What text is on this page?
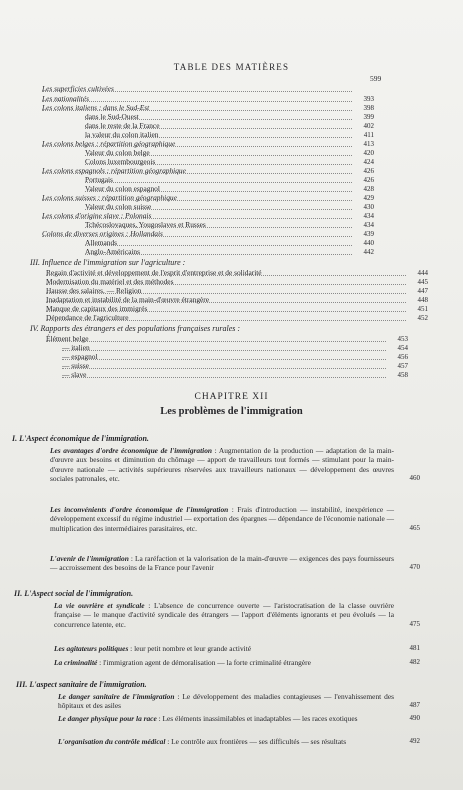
TABLE DES MATIÈRES
599
Les superficies cultivées
Les nationalités	393
Les colons italiens : dans le Sud-Est	398
dans le Sud-Ouest	399
dans le reste de la France	402
la valeur du colon italien	411
Les colons belges : répartition géographique	413
Valeur du colon belge	420
Colons luxembourgeois	424
Les colons espagnols : répartition géographique	426
Portugais	426
Valeur du colon espagnol	428
Les colons suisses : répartition géographique	429
Valeur du colon suisse	430
Les colons d'origine slave : Polonais	434
Tchécoslovaques, Yougoslaves et Russes	434
Colons de diverses origines : Hollandais	439
Allemands	440
Anglo-Américains	442
III. Influence de l'immigration sur l'agriculture :
Regain d'activité et développement de l'esprit d'entreprise et de solidarité	444
Modernisation du matériel et des méthodes	445
Hausse des salaires. — Religion	447
Inadaptation et instabilité de la main-d'œuvre étrangère	448
Manque de capitaux des immigrés	451
Dépendance de l'agriculture	452
IV. Rapports des étrangers et des populations françaises rurales :
Élément belge	453
— italien	454
— espagnol	456
— suisse	457
— slave	458
CHAPITRE XII
Les problèmes de l'immigration
I. L'Aspect économique de l'immigration.
Les avantages d'ordre économique de l'immigration : Augmentation de la production — adaptation de la main-d'œuvre aux besoins et diminution du chômage — apport de travailleurs tout formés — stimulant pour la main-d'œuvre nationale — activités supérieures réservées aux travailleurs nationaux — développement des œuvres sociales patronales, etc.	460
Les inconvénients d'ordre économique de l'immigration : Frais d'introduction — instabilité, inexpérience — développement excessif du régime industriel — exportation des épargnes — dépendance de l'économie nationale — multiplication des intermédiaires parasitaires, etc.	465
L'avenir de l'immigration : La raréfaction et la valorisation de la main-d'œuvre — exigences des pays fournisseurs — accroissement des besoins de la France pour l'avenir	470
II. L'Aspect social de l'immigration.
La vie ouvrière et syndicale : L'absence de concurrence ouverte — l'aristocratisation de la classe ouvrière française — le manque d'activité syndicale des étrangers — l'apport d'éléments ignorants et peu évolués — la concurrence latente, etc.	475
Les agitateurs politiques : leur petit nombre et leur grande activité	481
La criminalité : l'immigration agent de démoralisation — la forte criminalité étrangère	482
III. L'aspect sanitaire de l'immigration.
Le danger sanitaire de l'immigration : Le développement des maladies contagieuses — l'envahissement des hôpitaux et des asiles	487
Le danger physique pour la race : Les éléments inassimilables et inadaptables — les races exotiques	490
L'organisation du contrôle médical : Le contrôle aux frontières — ses difficultés — ses résultats	492
